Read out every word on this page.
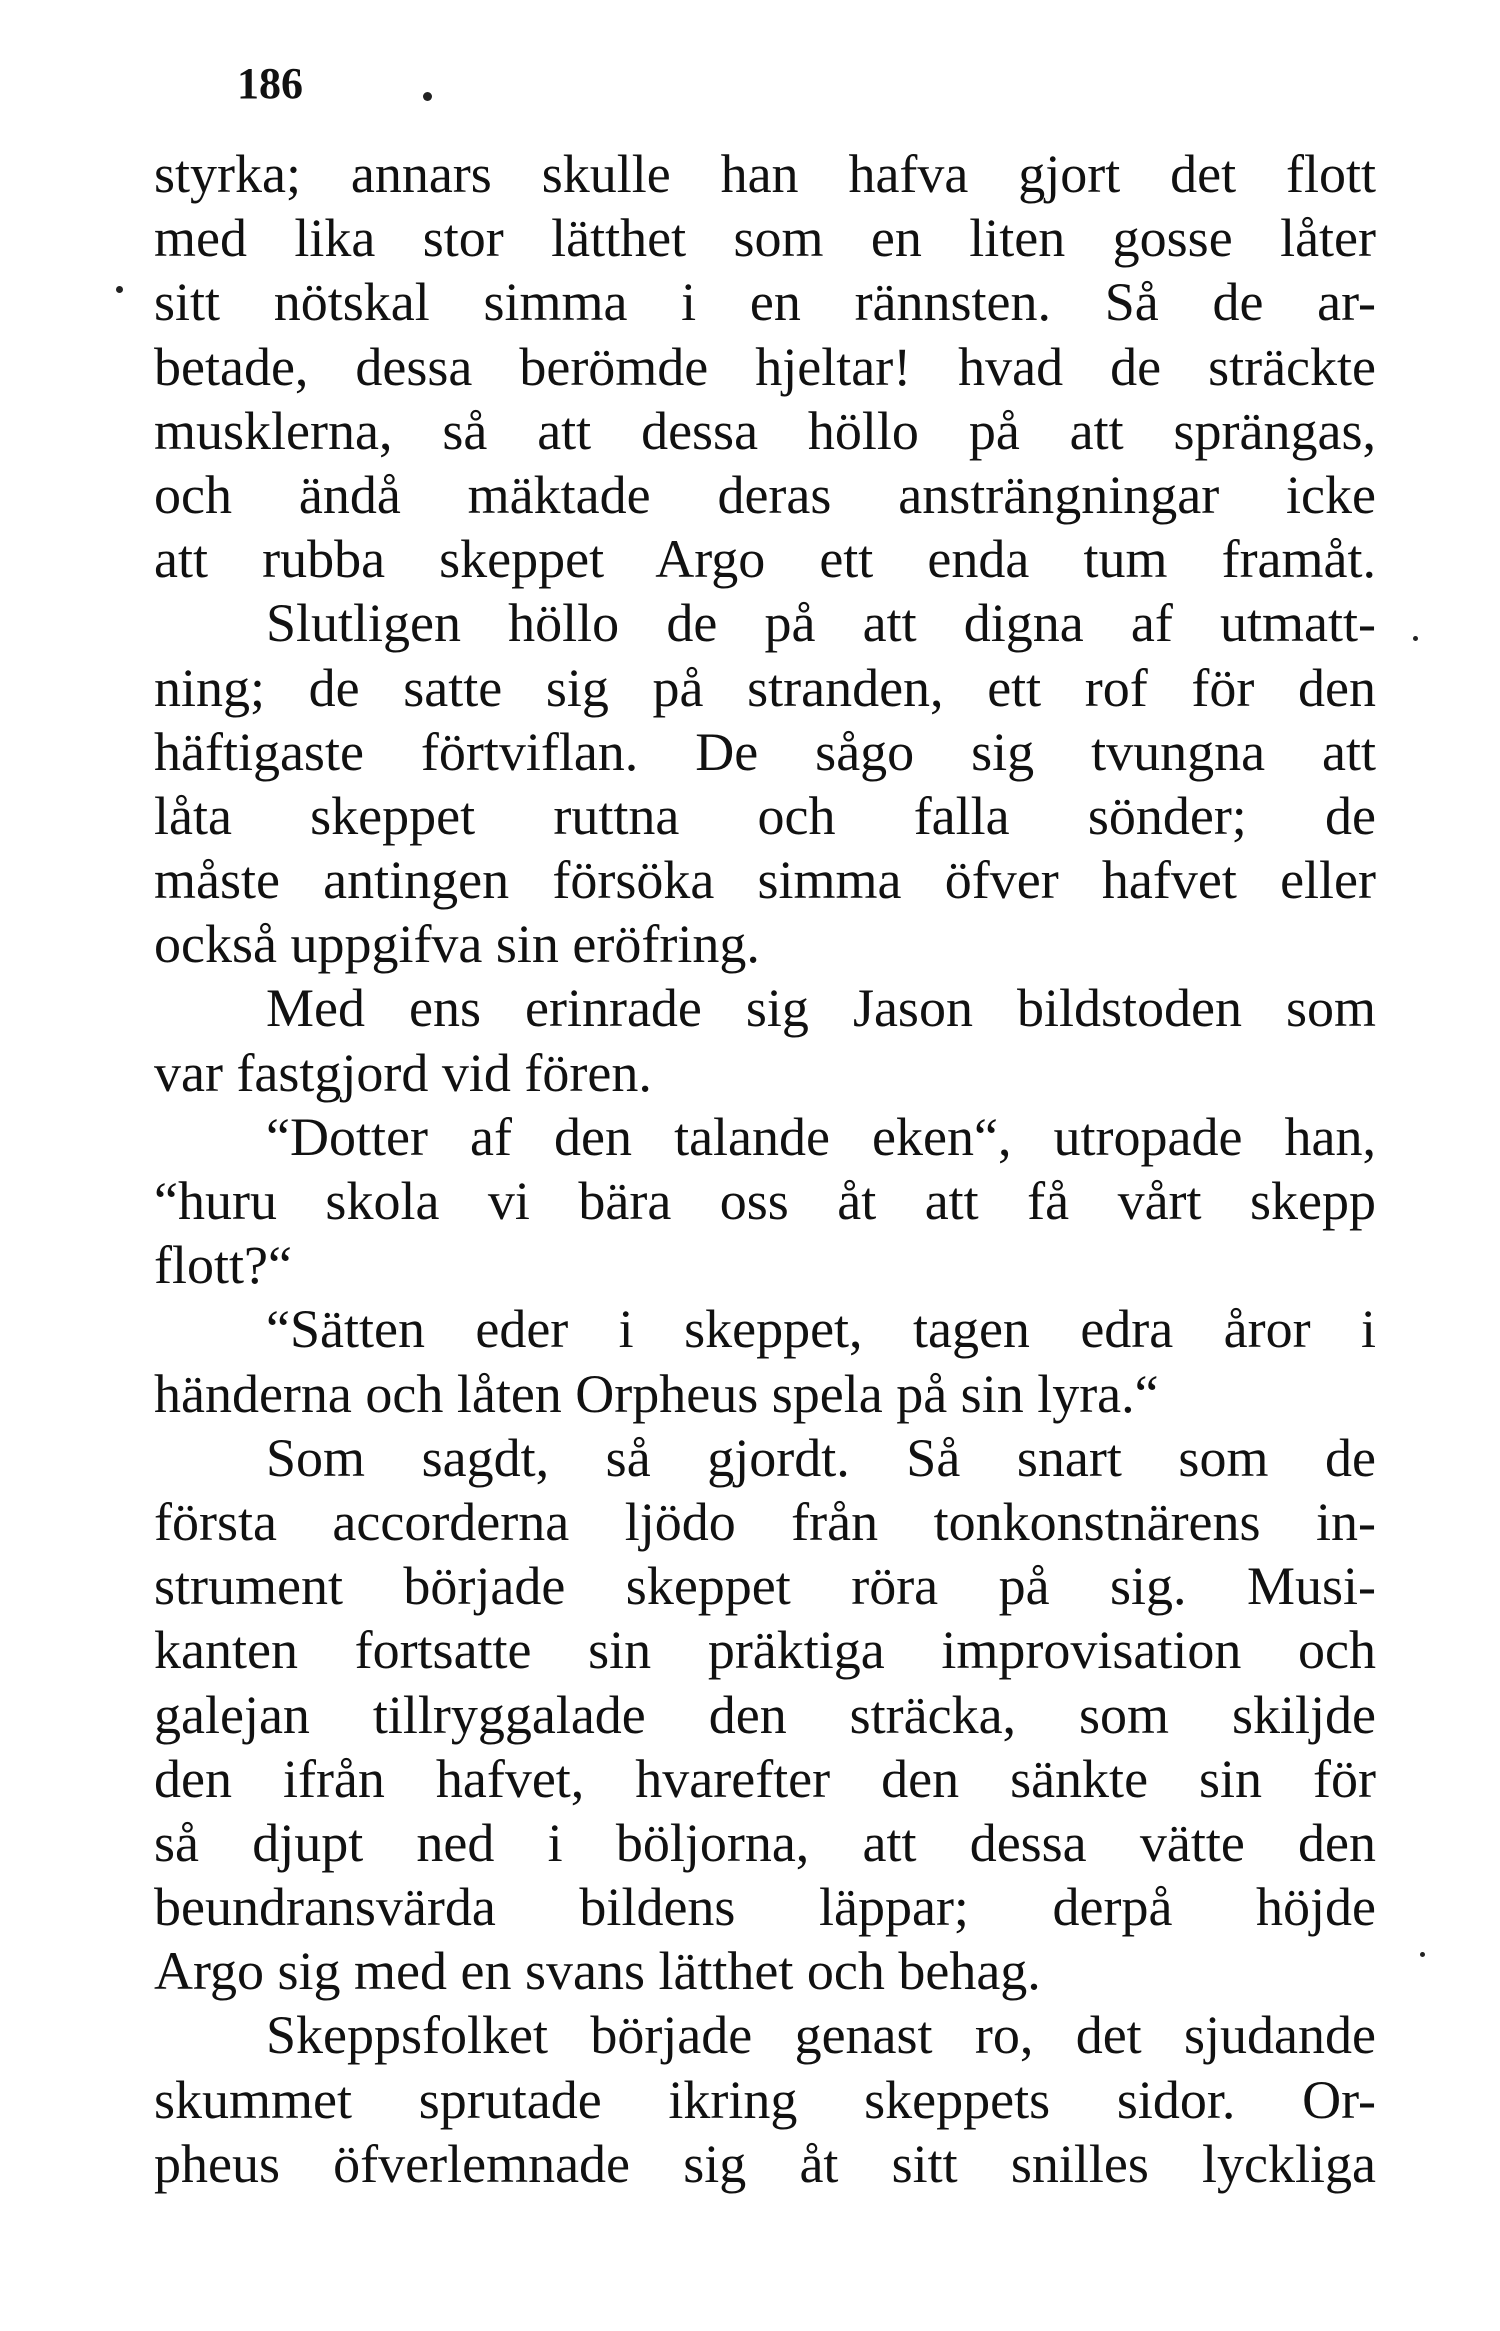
186
styrka; annars skulle han hafva gjort det flott
med lika stor lätthet som en liten gosse låter
sitt nötskal simma i en rännsten. Så de ar-
betade, dessa berömde hjeltar! hvad de sträckte
musklerna, så att dessa höllo på att sprängas,
och ändå mäktade deras ansträngningar icke
att rubba skeppet Argo ett enda tum framåt.
Slutligen höllo de på att digna af utmatt-
ning; de satte sig på stranden, ett rof för den
häftigaste förtviflan. De sågo sig tvungna att
låta skeppet ruttna och falla sönder; de
måste antingen försöka simma öfver hafvet eller
också uppgifva sin eröfring.
Med ens erinrade sig Jason bildstoden som
var fastgjord vid fören.
“Dotter af den talande eken“, utropade han,
“huru skola vi bära oss åt att få vårt skepp
flott?“
“Sätten eder i skeppet, tagen edra åror i
händerna och låten Orpheus spela på sin lyra.“
Som sagdt, så gjordt. Så snart som de
första accorderna ljödo från tonkonstnärens in-
strument började skeppet röra på sig. Musi-
kanten fortsatte sin präktiga improvisation och
galejan tillryggalade den sträcka, som skiljde
den ifrån hafvet, hvarefter den sänkte sin för
så djupt ned i böljorna, att dessa vätte den
beundransvärda bildens läppar; derpå höjde
Argo sig med en svans lätthet och behag.
Skeppsfolket började genast ro, det sjudande
skummet sprutade ikring skeppets sidor. Or-
pheus öfverlemnade sig åt sitt snilles lyckliga
